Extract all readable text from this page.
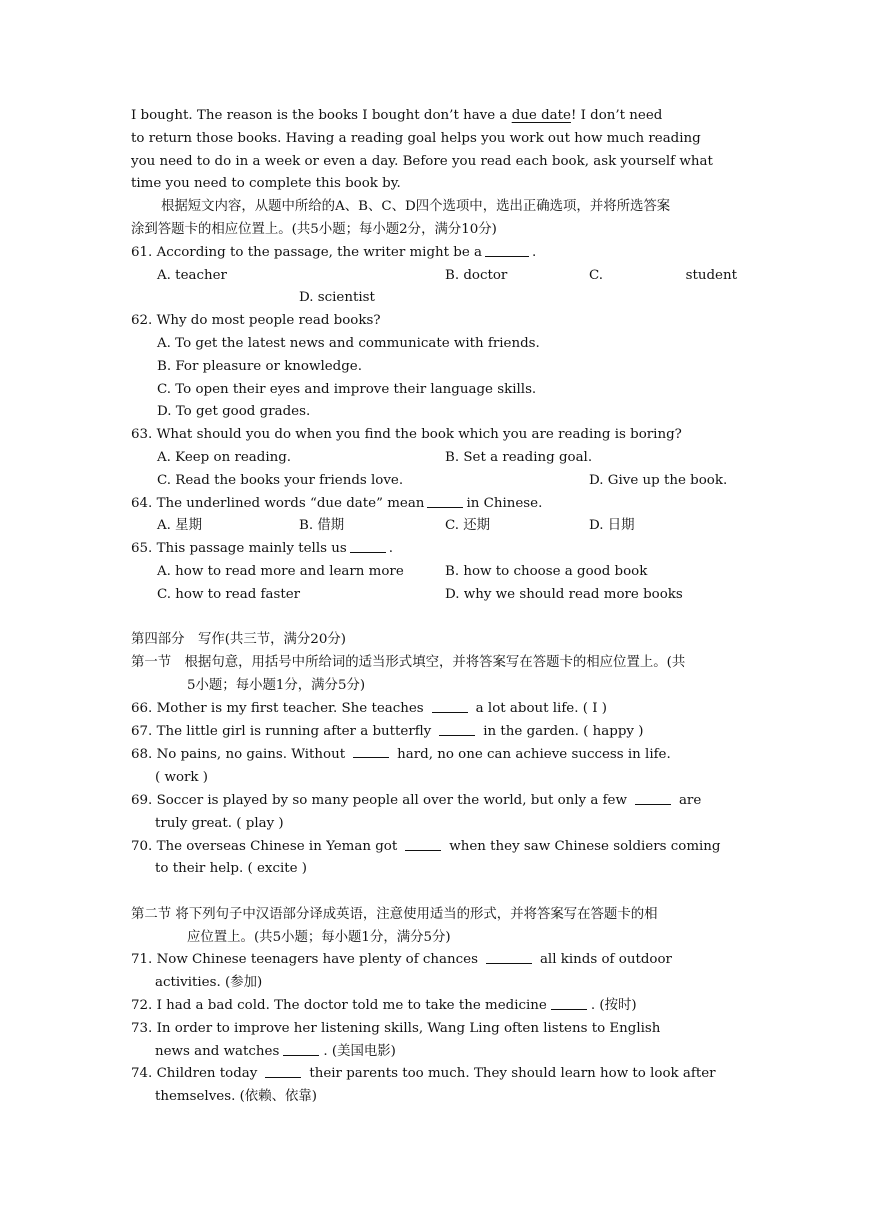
I bought. The reason is the books I bought don’t have a due date! I don’t need
to return those books. Having a reading goal helps you work out how much reading
you need to do in a week or even a day. Before you read each book, ask yourself what
time you need to complete this book by.
根据短文内容，从题中所给的A、B、C、D四个选项中，选出正确选项，并将所选答案
涂到答题卡的相应位置上。(共5小题；每小题2分，满分10分)
61.
According to the passage, the writer might be a	.
A. teacher	B. doctor	C.	student
D. scientist
62.
Why do most people read books?
A. To get the latest news and communicate with friends.
B. For pleasure or knowledge.
C. To open their eyes and improve their language skills.
D. To get good grades.
63.
What should you do when you find the book which you are reading is boring?
A. Keep on reading.	B. Set a reading goal.
C. Read the books your friends love.	D. Give up the book.
64.
The underlined words “due date” mean	in Chinese.
A. 星期	B. 借期	C. 还期	D. 日期
65.
This passage mainly tells us	.
A. how to read more and learn more	B. how to choose a good book
C. how to read faster	D. why we should read more books
第四部分　写作(共三节，满分20分)
第一节　根据句意，用括号中所给词的适当形式填空，并将答案写在答题卡的相应位置上。(共
5小题；每小题1分，满分5分)
66.
Mother is my first teacher. She teaches	a lot about life. ( I )
67.
The little girl is running after a butterfly	in the garden. ( happy )
68. No pains, no gains. Without	hard, no one can achieve success in life.
( work )
69.
Soccer is played by so many people all over the world, but only a few	are
truly great. ( play )
70.
The overseas Chinese in Yeman got	when they saw Chinese soldiers coming
to their help. ( excite )
第二节 将下列句子中汉语部分译成英语，注意使用适当的形式，并将答案写在答题卡的相
应位置上。(共5小题；每小题1分，满分5分)
71.
Now Chinese teenagers have plenty of chances	all kinds of outdoor
activities. (参加)
72.
I had a bad cold. The doctor told me to take the medicine	. (按时)
73.
In order to improve her listening skills, Wang Ling often listens to English
news and watches	. (美国电影)
74.
Children today	their parents too much. They should learn how to look after
themselves. (依赖、依靠)
